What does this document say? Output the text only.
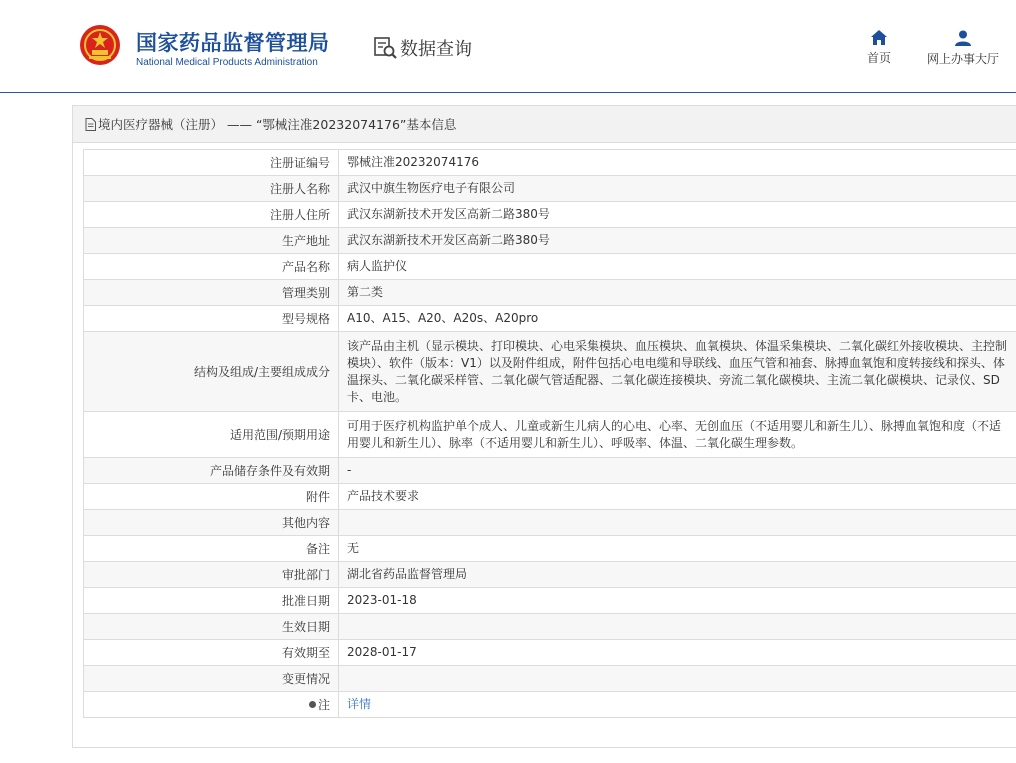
国家药品监督管理局
National Medical Products Administration
数据查询	首页	网上办事大厅
境内医疗器械（注册） —— “鄂械注准20232074176”基本信息
注册证编号	鄂械注准20232074176
注册人名称	武汉中旗生物医疗电子有限公司
注册人住所	武汉东湖新技术开发区高新二路380号
生产地址	武汉东湖新技术开发区高新二路380号
产品名称	病人监护仪
管理类别	第二类
型号规格	A10、A15、A20、A20s、A20pro
结构及组成/主要组成成分	该产品由主机（显示模块、打印模块、心电采集模块、血压模块、血氧模块、体温采集模块、二氧化碳红外接收模块、主控制模块）、软件（版本：V1）以及附件组成，附件包括心电电缆和导联线、血压气管和袖套、脉搏血氧饱和度转接线和探头、体温探头、二氧化碳采样管、二氧化碳气管适配器、二氧化碳连接模块、旁流二氧化碳模块、主流二氧化碳模块、记录仪、SD卡、电池。
适用范围/预期用途	可用于医疗机构监护单个成人、儿童或新生儿病人的心电、心率、无创血压（不适用婴儿和新生儿）、脉搏血氧饱和度（不适用婴儿和新生儿）、脉率（不适用婴儿和新生儿）、呼吸率、体温、二氧化碳生理参数。
产品储存条件及有效期	-
附件	产品技术要求
其他内容	
备注	无
审批部门	湖北省药品监督管理局
批准日期	2023-01-18
生效日期	
有效期至	2028-01-17
变更情况	
注	详情
